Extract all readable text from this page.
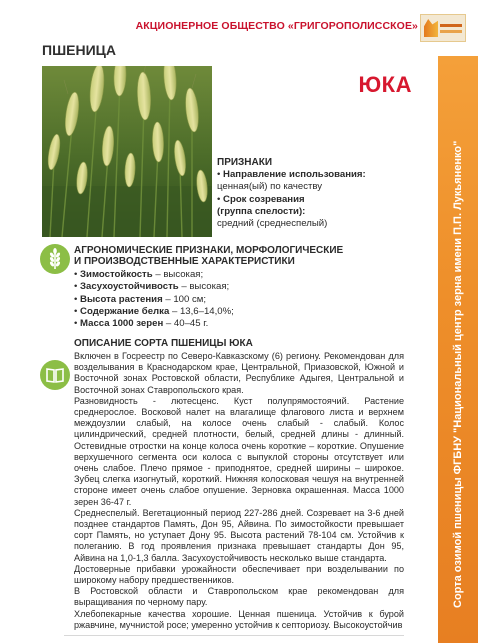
АКЦИОНЕРНОЕ ОБЩЕСТВО «ГРИГОРОПОЛИССКОЕ»
ПШЕНИЦА
Сорта озимой пшеницы ФГБНУ "Национальный центр зерна имени П.П. Лукьяненко"
ЮКА
ПРИЗНАКИ
• Направление использования:
ценная(ый) по качеству
• Срок созревания
(группа спелости):
средний (среднеспелый)
АГРОНОМИЧЕСКИЕ ПРИЗНАКИ, МОРФОЛОГИЧЕСКИЕ
И ПРОИЗВОДСТВЕННЫЕ ХАРАКТЕРИСТИКИ
• Зимостойкость – высокая;
• Засухоустойчивость – высокая;
• Высота растения – 100 см;
• Содержание белка – 13,6–14,0%;
• Масса 1000 зерен – 40–45 г.
ОПИСАНИЕ СОРТА ПШЕНИЦЫ ЮКА

Включен в Госреестр по Северо-Кавказскому (6) региону. Рекомендован для возделывания в Краснодарском крае, Центральной, Приазовской, Южной и Восточной зонах Ростовской области, Республике Адыгея, Центральной и Восточной зонах Ставропольского края.

Разновидность - лютесценс. Куст полупрямостоячий. Растение среднерослое. Восковой налет на влагалище флагового листа и верхнем междоузлии слабый, на колосе очень слабый - слабый. Колос цилиндрический, средней плотности, белый, средней длины - длинный. Остевидные отростки на конце колоса очень короткие – короткие. Опушение верхушечного сегмента оси колоса с выпуклой стороны отсутствует или очень слабое. Плечо прямое - приподнятое, средней ширины – широкое. Зубец слегка изогнутый, короткий. Нижняя колосковая чешуя на внутренней стороне имеет очень слабое опушение. Зерновка окрашенная. Масса 1000 зерен 36-47 г.

Среднеспелый. Вегетационный период 227-286 дней. Созревает на 3-6 дней позднее стандартов Память, Дон 95, Айвина. По зимостойкости превышает сорт Память, но уступает Дону 95. Высота растений 78-104 см. Устойчив к полеганию. В год проявления признака превышает стандарты Дон 95, Айвина на 1,0-1,3 балла. Засухоустойчивость несколько выше стандарта.

Достоверные прибавки урожайности обеспечивает при возделывании по широкому набору предшественников.

В Ростовской области и Ставропольском крае рекомендован для выращивания по черному пару.

Хлебопекарные качества хорошие. Ценная пшеница. Устойчив к бурой ржавчине, мучнистой росе; умеренно устойчив к септориозу. Высокоустойчив
